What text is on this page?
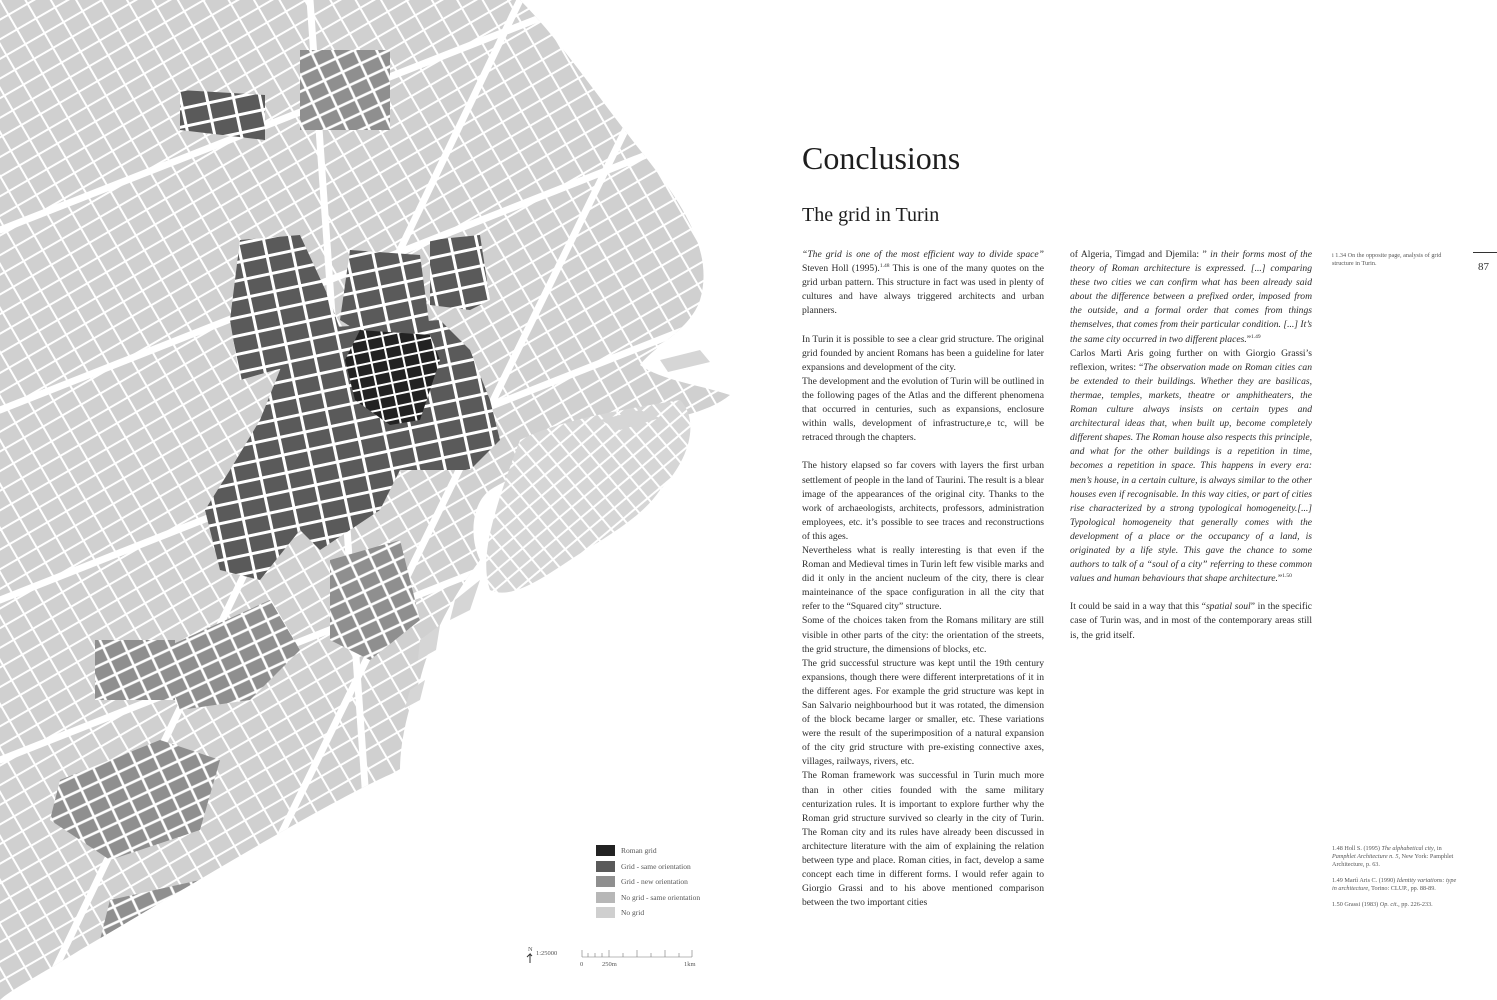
Roman grid
Grid - same orientation
Grid - new orientation
No grid - same orientation
No grid
N
1:25000
0	250m	1km
Conclusions
The grid in Turin

“The grid is one of the most efficient way to divide space” Steven Holl (1995).$^{1.48}$ This is one of the many quotes on the grid urban pattern. This structure in fact was used in plenty of cultures and have always triggered architects and urban planners.

In Turin it is possible to see a clear grid structure. The original grid founded by ancient Romans has been a guideline for later expansions and development of the city.

The development and the evolution of Turin will be outlined in the following pages of the Atlas and the different phenomena that occurred in centuries, such as expansions, enclosure within walls, development of infrastructure,e tc, will be retraced through the chapters.

The history elapsed so far covers with layers the first urban settlement of people in the land of Taurini. The result is a blear image of the appearances of the original city. Thanks to the work of archaeologists, architects, professors, administration employees, etc. it’s possible to see traces and reconstructions of this ages.

Nevertheless what is really interesting is that even if the Roman and Medieval times in Turin left few visible marks and did it only in the ancient nucleum of the city, there is clear mainteinance of the space configuration in all the city that refer to the “Squared city” structure.

Some of the choices taken from the Romans military are still visible in other parts of the city: the orientation of the streets, the grid structure, the dimensions of blocks, etc.

The grid successful structure was kept until the 19th century expansions, though there were different interpretations of it in the different ages. For example the grid structure was kept in San Salvario neighbourhood but it was rotated, the dimension of the block became larger or smaller, etc. These variations were the result of the superimposition of a natural expansion of the city grid structure with pre-existing connective axes, villages, railways, rivers, etc.

The Roman framework was successful in Turin much more than in other cities founded with the same military centurization rules. It is important to explore further why the Roman grid structure survived so clearly in the city of Turin. The Roman city and its rules have already been discussed in architecture literature with the aim of explaining the relation between type and place. Roman cities, in fact, develop a same concept each time in different forms. I would refer again to Giorgio Grassi and to his above mentioned comparison between the two important cities

of Algeria, Timgad and Djemila: ” in their forms most of the theory of Roman architecture is expressed. [...] comparing these two cities we can confirm what has been already said about the difference between a prefixed order, imposed from the outside, and a formal order that comes from things themselves, that comes from their particular condition. [...] It’s the same city occurred in two different places.”$^{1.49}$

Carlos Martì Aris going further on with Giorgio Grassi’s reflexion, writes: “The observation made on Roman cities can be extended to their buildings. Whether they are basilicas, thermae, temples, markets, theatre or amphitheaters, the Roman culture always insists on certain types and architectural ideas that, when built up, become completely different shapes. The Roman house also respects this principle, and what for the other buildings is a repetition in time, becomes a repetition in space. This happens in every era: men’s house, in a certain culture, is always similar to the other houses even if recognisable. In this way cities, or part of cities rise characterized by a strong typological homogeneity.[...] Typological homogeneity that generally comes with the development of a place or the occupancy of a land, is originated by a life style. This gave the chance to some authors to talk of a “soul of a city” referring to these common values and human behaviours that shape architecture.”$^{1.50}$

It could be said in a way that this “spatial soul” in the specific case of Turin was, and in most of the contemporary areas still is, the grid itself.

i 1.34 On the opposite page, analysis of grid structure in Turin.	87

1.48 Holl S. (1995) The alphabetical city, in Pamphlet Architecture n. 5, New York: Pamphlet Architecture, p. 63.

1.49 Martì Aris C. (1990) Identity variations: type in architecture, Torino: CLUP., pp. 88-89.

1.50 Grassi (1983) Op. cit., pp. 226-233.
